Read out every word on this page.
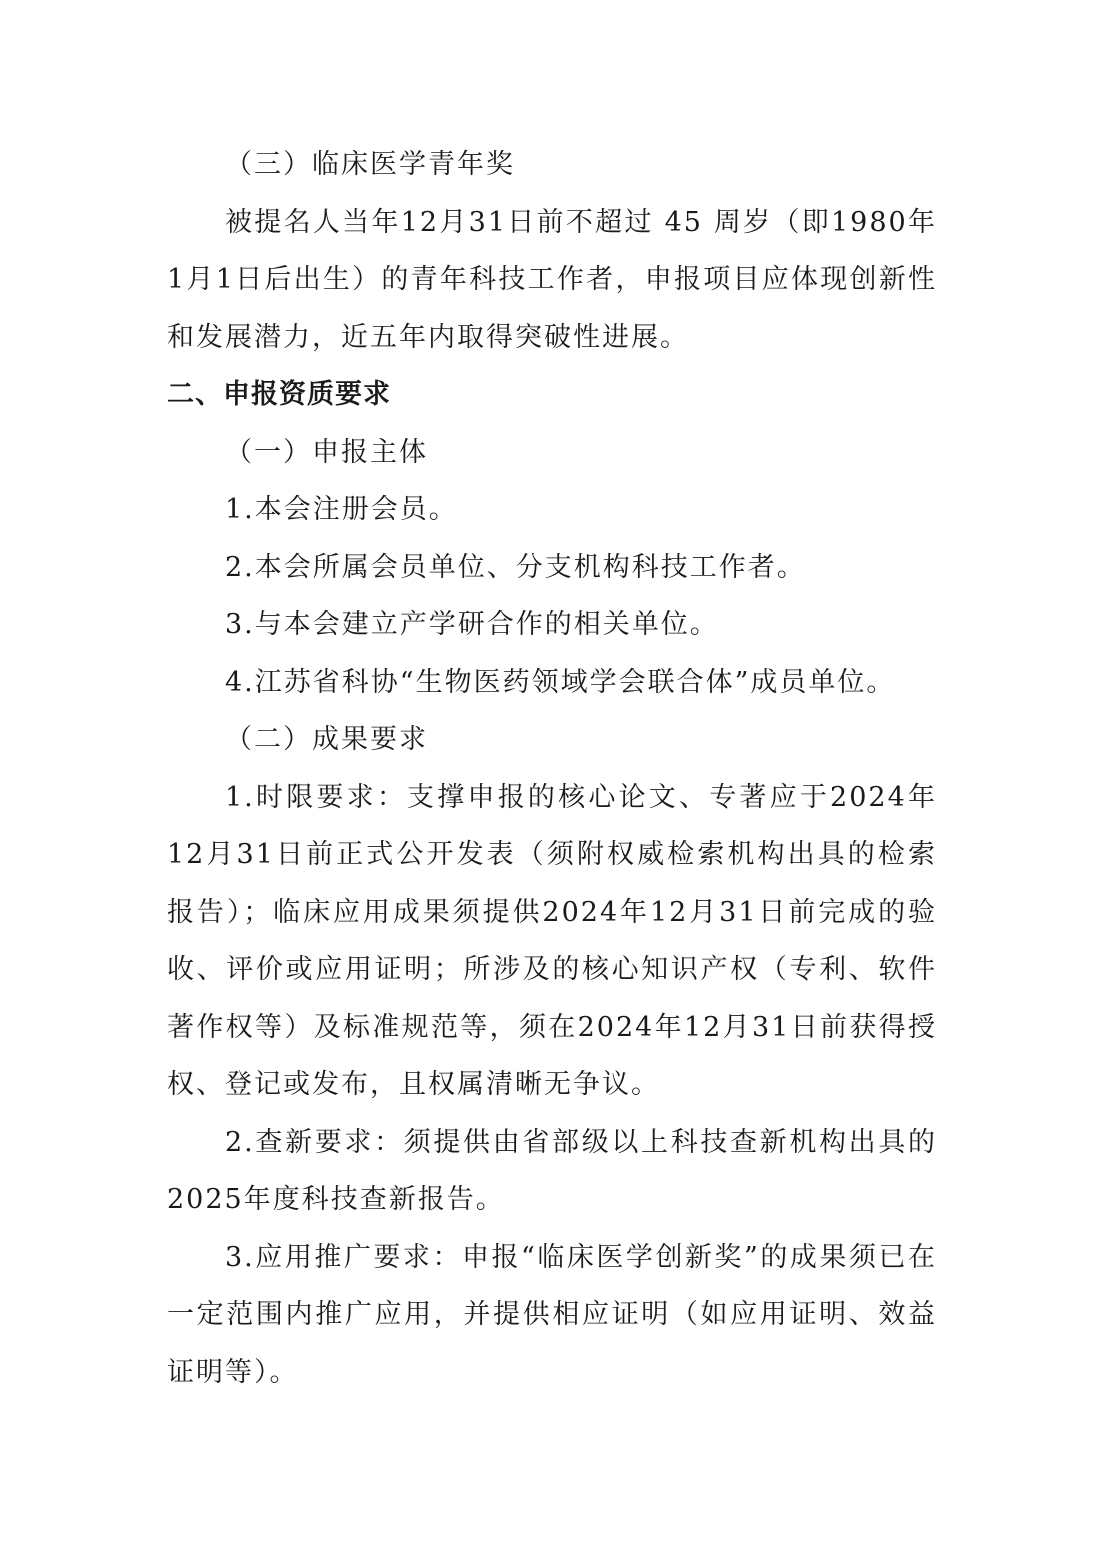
（三）临床医学青年奖

被提名人当年12月31日前不超过 45 周岁（即1980年1月1日后出生）的青年科技工作者，申报项目应体现创新性和发展潜力，近五年内取得突破性进展。

二、申报资质要求

（一）申报主体

1.本会注册会员。

2.本会所属会员单位、分支机构科技工作者。

3.与本会建立产学研合作的相关单位。

4.江苏省科协“生物医药领域学会联合体”成员单位。

（二）成果要求

1.时限要求：支撑申报的核心论文、专著应于2024年12月31日前正式公开发表（须附权威检索机构出具的检索报告）；临床应用成果须提供2024年12月31日前完成的验收、评价或应用证明；所涉及的核心知识产权（专利、软件著作权等）及标准规范等，须在2024年12月31日前获得授权、登记或发布，且权属清晰无争议。

2.查新要求：须提供由省部级以上科技查新机构出具的2025年度科技查新报告。

3.应用推广要求：申报“临床医学创新奖”的成果须已在一定范围内推广应用，并提供相应证明（如应用证明、效益证明等）。
